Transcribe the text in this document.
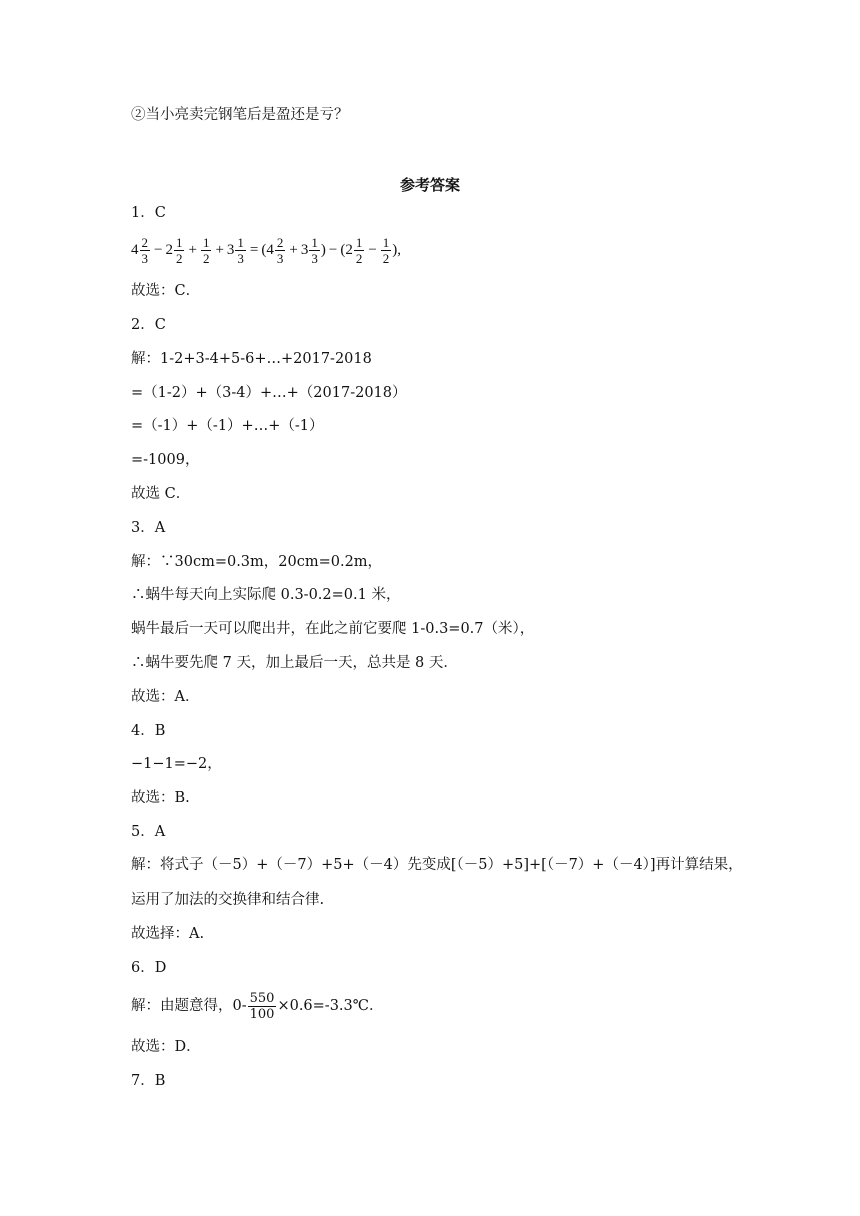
②当小亮卖完钢笔后是盈还是亏？
参考答案
1．C
$4 \frac{2}{3} - 2 \frac{1}{2} + \frac{1}{2} + 3 \frac{1}{3}$ = ( $4 \frac{2}{3} + 3 \frac{1}{3}$ ) − ( $2 \frac{1}{2} - \frac{1}{2}$ ),
故选：C．
2．C
解：1-2+3-4+5-6+…+2017-2018
=（1-2）+（3-4）+…+（2017-2018）
=（-1）+（-1）+…+（-1）
=-1009，
故选 C．
3．A
解：∵30cm=0.3m，20cm=0.2m，
∴蜗牛每天向上实际爬 0.3-0.2=0.1 米，
蜗牛最后一天可以爬出井，在此之前它要爬 1-0.3=0.7（米），
∴蜗牛要先爬 7 天，加上最后一天，总共是 8 天．
故选：A．
4．B
−1−1=−2，
故选：B.
5．A
解：将式子（－5）+（－7）+5+（－4）先变成[（－5）+5]+[（－7）+（－4）]再计算结果，
运用了加法的交换律和结合律.
故选择：A.
6．D
解：由题意得，$0- \frac{550}{100}$ ×0.6=-3.3℃．
故选：D．
7．B
